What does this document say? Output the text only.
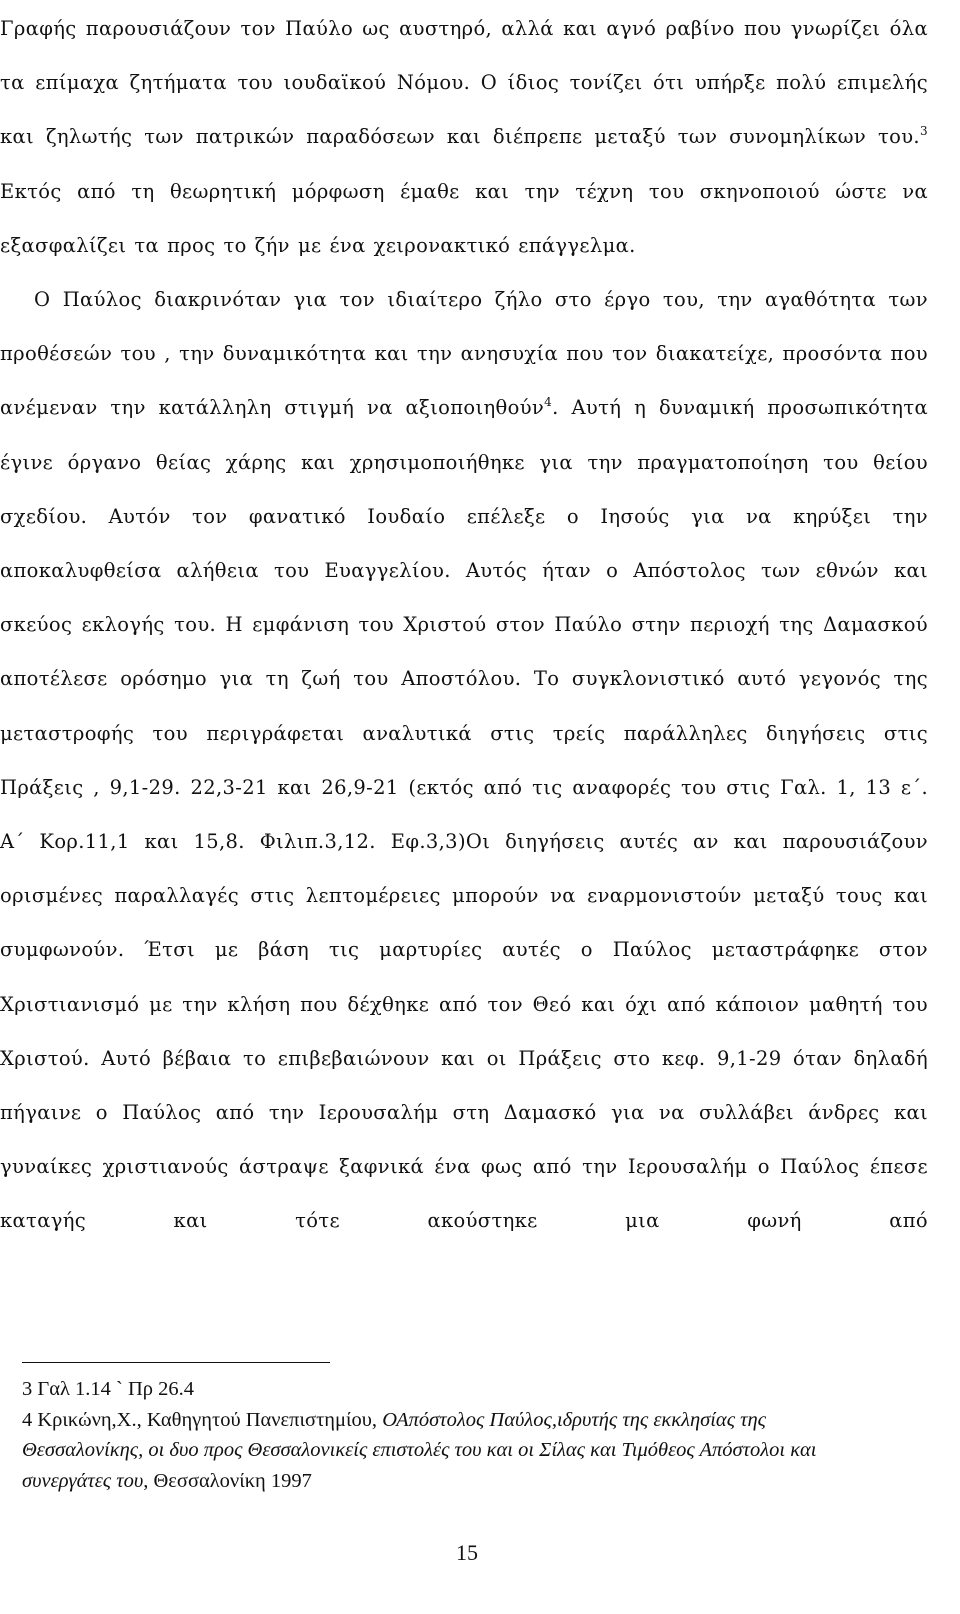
Γραφής παρουσιάζουν τον Παύλο ως αυστηρό, αλλά και αγνό ραβίνο που γνωρίζει όλα τα επίμαχα ζητήματα του ιουδαϊκού Νόμου. Ο ίδιος τονίζει ότι υπήρξε πολύ επιμελής και ζηλωτής των πατρικών παραδόσεων και διέπρεπε μεταξύ των συνομηλίκων του.$^3$ Εκτός από τη θεωρητική μόρφωση έμαθε και την τέχνη του σκηνοποιού ώστε να εξασφαλίζει τα προς το ζήν με ένα χειρονακτικό επάγγελμα.

Ο Παύλος διακρινόταν για τον ιδιαίτερο ζήλο στο έργο του, την αγαθότητα των προθέσεών του , την δυναμικότητα και την ανησυχία που τον διακατείχε, προσόντα που ανέμεναν την κατάλληλη στιγμή να αξιοποιηθούν$^4$. Αυτή η δυναμική προσωπικότητα έγινε όργανο θείας χάρης και χρησιμοποιήθηκε για την πραγματοποίηση του θείου σχεδίου. Αυτόν τον φανατικό Ιουδαίο επέλεξε ο Ιησούς για να κηρύξει την αποκαλυφθείσα αλήθεια του Ευαγγελίου. Αυτός ήταν ο Απόστολος των εθνών και σκεύος εκλογής του. Η εμφάνιση του Χριστού στον Παύλο στην περιοχή της Δαμασκού αποτέλεσε ορόσημο για τη ζωή του Αποστόλου. Το συγκλονιστικό αυτό γεγονός της μεταστροφής του περιγράφεται αναλυτικά στις τρείς παράλληλες διηγήσεις στις Πράξεις , 9,1-29. 22,3-21 και 26,9-21 (εκτός από τις αναφορές του στις Γαλ. 1, 13 ε΄. Α΄ Κορ.11,1 και 15,8. Φιλιπ.3,12. Εφ.3,3)Οι διηγήσεις αυτές αν και παρουσιάζουν ορισμένες παραλλαγές στις λεπτομέρειες μπορούν να εναρμονιστούν μεταξύ τους και συμφωνούν. Έτσι με βάση τις μαρτυρίες αυτές ο Παύλος μεταστράφηκε στον Χριστιανισμό με την κλήση που δέχθηκε από τον Θεό και όχι από κάποιον μαθητή του Χριστού. Αυτό βέβαια το επιβεβαιώνουν και οι Πράξεις στο κεφ. 9,1-29 όταν δηλαδή πήγαινε ο Παύλος από την Ιερουσαλήμ στη Δαμασκό για να συλλάβει άνδρες και γυναίκες χριστιανούς άστραψε ξαφνικά ένα φως από την Ιερουσαλήμ ο Παύλος έπεσε καταγής και τότε ακούστηκε μια φωνή από

3 Γαλ 1.14 ` Πρ 26.4
4 Κρικώνη,Χ., Καθηγητού Πανεπιστημίου, ΟΑπόστολος Παύλος,ιδρυτής της εκκλησίας της Θεσσαλονίκης, οι δυο προς Θεσσαλονικείς επιστολές του και οι Σίλας και Τιμόθεος Απόστολοι και συνεργάτες του, Θεσσαλονίκη 1997
15
